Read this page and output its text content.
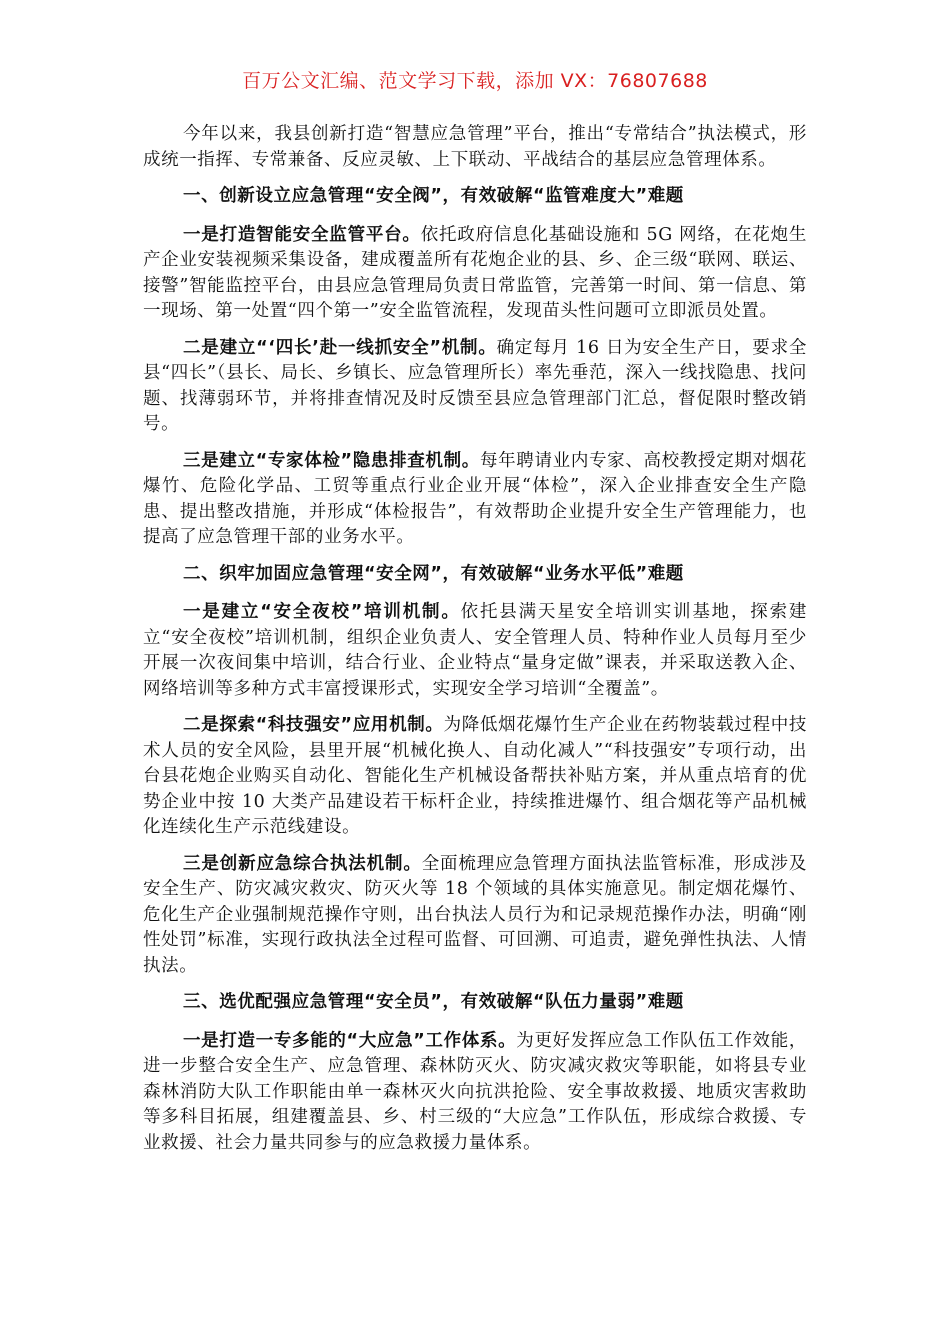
百万公文汇编、范文学习下载，添加 VX：76807688

今年以来，我县创新打造“智慧应急管理”平台，推出“专常结合”执法模式，形成统一指挥、专常兼备、反应灵敏、上下联动、平战结合的基层应急管理体系。

一、创新设立应急管理“安全阀”，有效破解“监管难度大”难题

一是打造智能安全监管平台。依托政府信息化基础设施和 5G 网络，在花炮生产企业安装视频采集设备，建成覆盖所有花炮企业的县、乡、企三级“联网、联运、接警”智能监控平台，由县应急管理局负责日常监管，完善第一时间、第一信息、第一现场、第一处置“四个第一”安全监管流程，发现苗头性问题可立即派员处置。

二是建立“‘四长’赴一线抓安全”机制。确定每月 16 日为安全生产日，要求全县“四长”（县长、局长、乡镇长、应急管理所长）率先垂范，深入一线找隐患、找问题、找薄弱环节，并将排查情况及时反馈至县应急管理部门汇总，督促限时整改销号。

三是建立“专家体检”隐患排查机制。每年聘请业内专家、高校教授定期对烟花爆竹、危险化学品、工贸等重点行业企业开展“体检”，深入企业排查安全生产隐患、提出整改措施，并形成“体检报告”，有效帮助企业提升安全生产管理能力，也提高了应急管理干部的业务水平。

二、织牢加固应急管理“安全网”，有效破解“业务水平低”难题

一是建立“安全夜校”培训机制。依托县满天星安全培训实训基地，探索建立“安全夜校”培训机制，组织企业负责人、安全管理人员、特种作业人员每月至少开展一次夜间集中培训，结合行业、企业特点“量身定做”课表，并采取送教入企、网络培训等多种方式丰富授课形式，实现安全学习培训“全覆盖”。

二是探索“科技强安”应用机制。为降低烟花爆竹生产企业在药物装载过程中技术人员的安全风险，县里开展“机械化换人、自动化减人”“科技强安”专项行动，出台县花炮企业购买自动化、智能化生产机械设备帮扶补贴方案，并从重点培育的优势企业中按 10 大类产品建设若干标杆企业，持续推进爆竹、组合烟花等产品机械化连续化生产示范线建设。

三是创新应急综合执法机制。全面梳理应急管理方面执法监管标准，形成涉及安全生产、防灾减灾救灾、防灭火等 18 个领域的具体实施意见。制定烟花爆竹、危化生产企业强制规范操作守则，出台执法人员行为和记录规范操作办法，明确“刚性处罚”标准，实现行政执法全过程可监督、可回溯、可追责，避免弹性执法、人情执法。

三、选优配强应急管理“安全员”，有效破解“队伍力量弱”难题

一是打造一专多能的“大应急”工作体系。为更好发挥应急工作队伍工作效能，进一步整合安全生产、应急管理、森林防灭火、防灾减灾救灾等职能，如将县专业森林消防大队工作职能由单一森林灭火向抗洪抢险、安全事故救援、地质灾害救助等多科目拓展，组建覆盖县、乡、村三级的“大应急”工作队伍，形成综合救援、专业救援、社会力量共同参与的应急救援力量体系。
